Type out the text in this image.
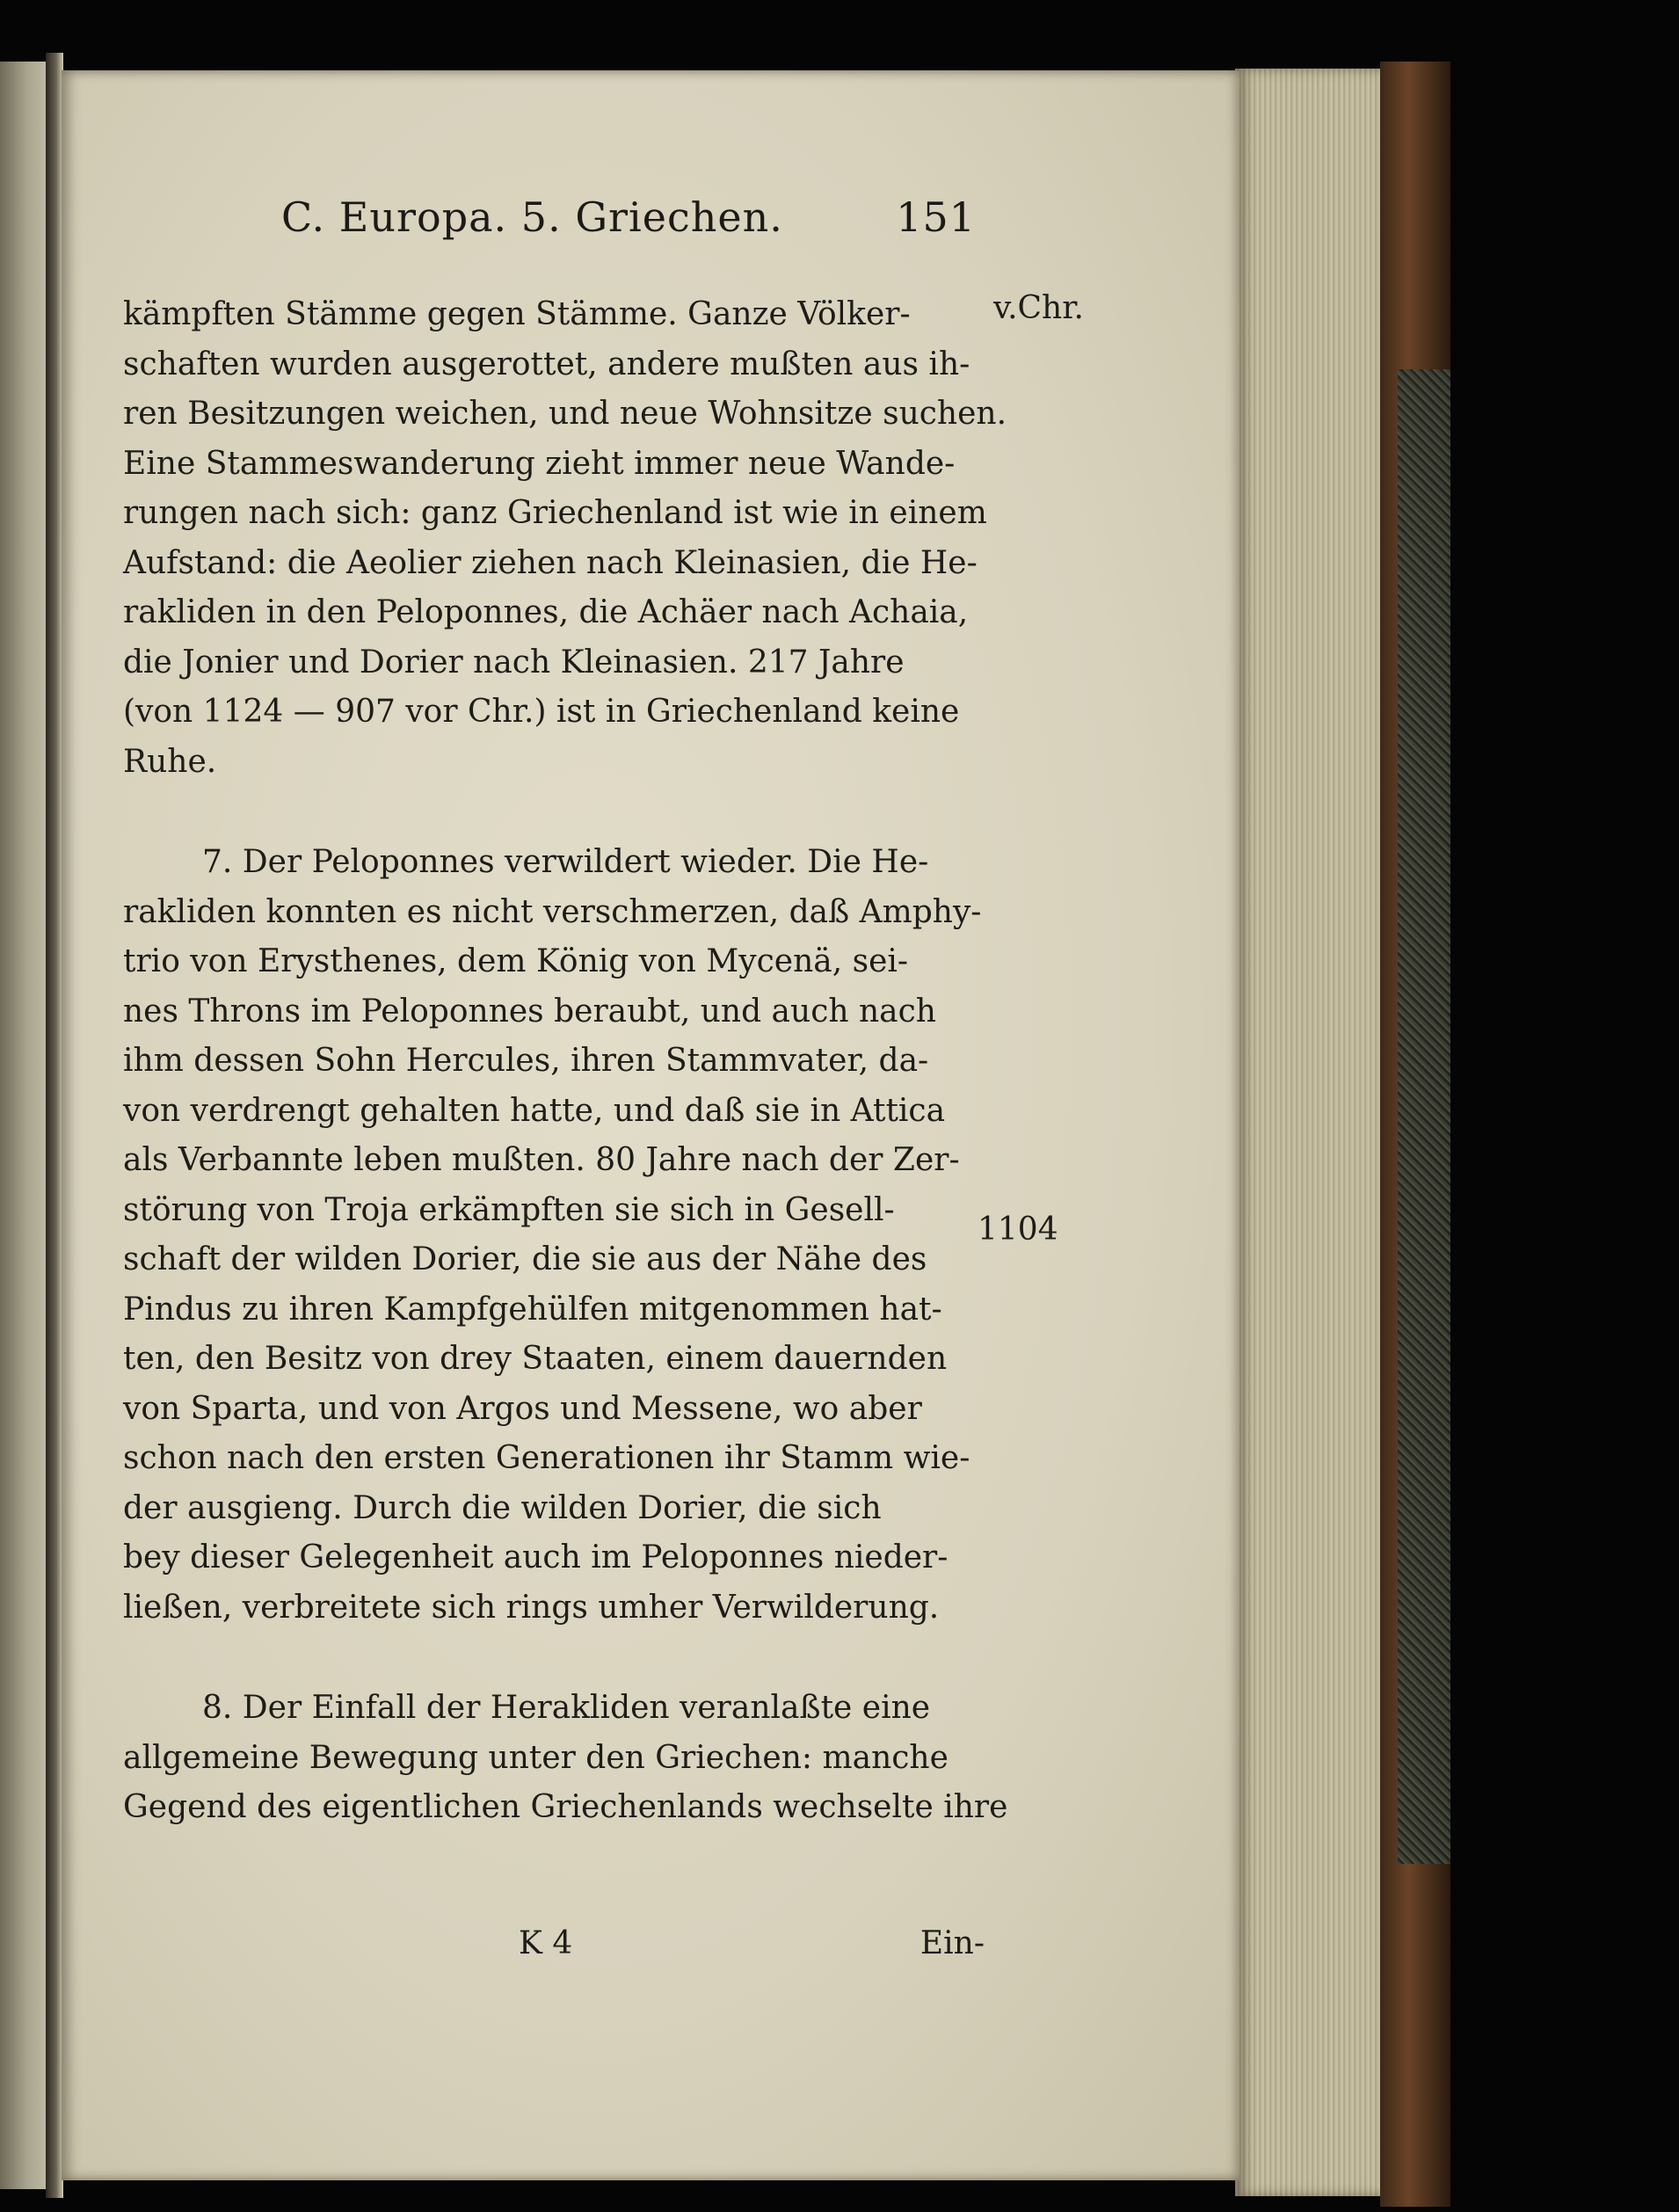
C. Europa. 5. Griechen.	151
v.Chr.
1104
kämpften Stämme gegen Stämme. Ganze Völker-
schaften wurden ausgerottet, andere mußten aus ih-
ren Besitzungen weichen, und neue Wohnsitze suchen.
Eine Stammeswanderung zieht immer neue Wande-
rungen nach sich: ganz Griechenland ist wie in einem
Aufstand: die Aeolier ziehen nach Kleinasien, die He-
rakliden in den Peloponnes, die Achäer nach Achaia,
die Jonier und Dorier nach Kleinasien. 217 Jahre
(von 1124 — 907 vor Chr.) ist in Griechenland keine
Ruhe.
7. Der Peloponnes verwildert wieder. Die He-
rakliden konnten es nicht verschmerzen, daß Amphy-
trio von Erysthenes, dem König von Mycenä, sei-
nes Throns im Peloponnes beraubt, und auch nach
ihm dessen Sohn Hercules, ihren Stammvater, da-
von verdrengt gehalten hatte, und daß sie in Attica
als Verbannte leben mußten. 80 Jahre nach der Zer-
störung von Troja erkämpften sie sich in Gesell-
schaft der wilden Dorier, die sie aus der Nähe des
Pindus zu ihren Kampfgehülfen mitgenommen hat-
ten, den Besitz von drey Staaten, einem dauernden
von Sparta, und von Argos und Messene, wo aber
schon nach den ersten Generationen ihr Stamm wie-
der ausgieng. Durch die wilden Dorier, die sich
bey dieser Gelegenheit auch im Peloponnes nieder-
ließen, verbreitete sich rings umher Verwilderung.
8. Der Einfall der Herakliden veranlaßte eine
allgemeine Bewegung unter den Griechen: manche
Gegend des eigentlichen Griechenlands wechselte ihre
K 4	Ein-
